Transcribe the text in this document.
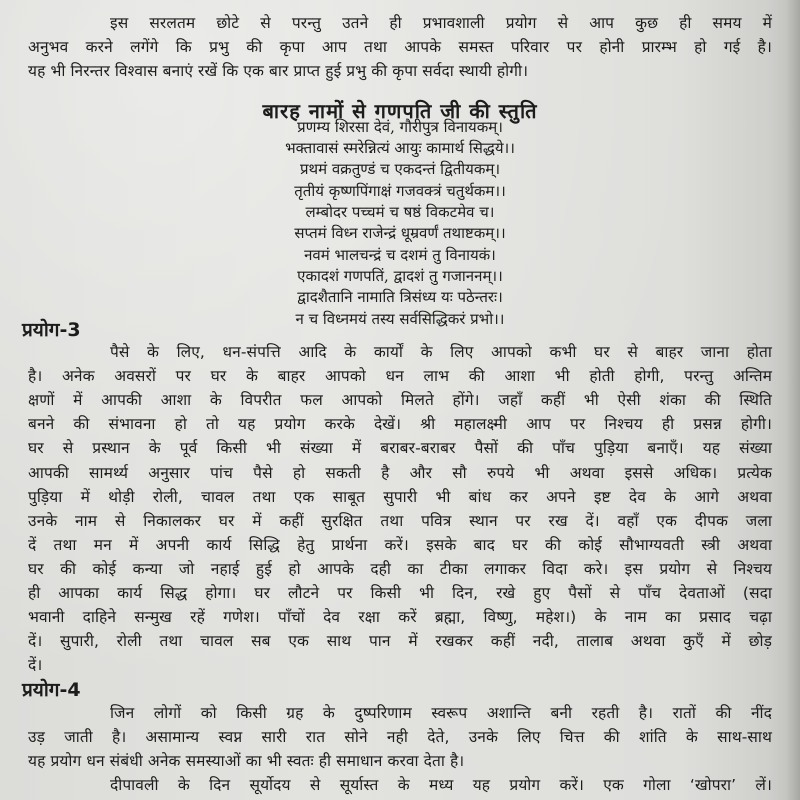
इस सरलतम छोटे से परन्तु उतने ही प्रभावशाली प्रयोग से आप कुछ ही समय में
अनुभव करने लगेंगे कि प्रभु की कृपा आप तथा आपके समस्त परिवार पर होनी प्रारम्भ हो गई है।
यह भी निरन्तर विश्वास बनाएं रखें कि एक बार प्राप्त हुई प्रभु की कृपा सर्वदा स्थायी होगी।
बारह नामों से गणपति जी की स्तुति
प्रणम्य शिरसा देवं, गौरीपुत्र विनायकम्।
भक्तावासं स्मरेन्नित्यं आयुः कामार्थ सिद्धये।।
प्रथमं वक्रतुण्डं च एकदन्तं द्वितीयकम्।
तृतीयं कृष्णपिंगाक्षं गजवक्त्रं चतुर्थकम।।
लम्बोदर पच्चमं च षष्ठं विकटमेव च।
सप्तमं विध्न राजेन्द्रं धूम्रवर्णं तथाष्टकम्।।
नवमं भालचन्द्रं च दशमं तु विनायकं।
एकादशं गणपतिं, द्वादशं तु गजाननम्।।
द्वादशैतानि नामाति त्रिसंध्य यः पठेन्तरः।
न च विध्नमयं तस्य सर्वसिद्धिकरं प्रभो।।
प्रयोग-3
पैसे के लिए, धन-संपत्ति आदि के कार्यों के लिए आपको कभी घर से बाहर जाना होता
है। अनेक अवसरों पर घर के बाहर आपको धन लाभ की आशा भी होती होगी, परन्तु अन्तिम
क्षणों में आपकी आशा के विपरीत फल आपको मिलते होंगे। जहाँ कहीं भी ऐसी शंका की स्थिति
बनने की संभावना हो तो यह प्रयोग करके देखें। श्री महालक्ष्मी आप पर निश्चय ही प्रसन्न होगी।
घर से प्रस्थान के पूर्व किसी भी संख्या में बराबर-बराबर पैसों की पाँच पुड़िया बनाएँ। यह संख्या
आपकी सामर्थ्य अनुसार पांच पैसे हो सकती है और सौ रुपये भी अथवा इससे अधिक। प्रत्येक
पुड़िया में थोड़ी रोली, चावल तथा एक साबूत सुपारी भी बांध कर अपने इष्ट देव के आगे अथवा
उनके नाम से निकालकर घर में कहीं सुरक्षित तथा पवित्र स्थान पर रख दें। वहाँ एक दीपक जला
दें तथा मन में अपनी कार्य सिद्धि हेतु प्रार्थना करें। इसके बाद घर की कोई सौभाग्यवती स्त्री अथवा
घर की कोई कन्या जो नहाई हुई हो आपके दही का टीका लगाकर विदा करे। इस प्रयोग से निश्चय
ही आपका कार्य सिद्ध होगा। घर लौटने पर किसी भी दिन, रखे हुए पैसों से पाँच देवताओं (सदा
भवानी दाहिने सन्मुख रहें गणेश। पाँचों देव रक्षा करें ब्रह्मा, विष्णु, महेश।) के नाम का प्रसाद चढ़ा
दें। सुपारी, रोली तथा चावल सब एक साथ पान में रखकर कहीं नदी, तालाब अथवा कुएँ में छोड़
दें।
प्रयोग-4
जिन लोगों को किसी ग्रह के दुष्परिणाम स्वरूप अशान्ति बनी रहती है। रातों की नींद
उड़ जाती है। असामान्य स्वप्न सारी रात सोने नही देते, उनके लिए चित्त की शांति के साथ-साथ
यह प्रयोग धन संबंधी अनेक समस्याओं का भी स्वतः ही समाधान करवा देता है।
दीपावली के दिन सूर्योदय से सूर्यास्त के मध्य यह प्रयोग करें। एक गोला ‘खोपरा’ लें।
